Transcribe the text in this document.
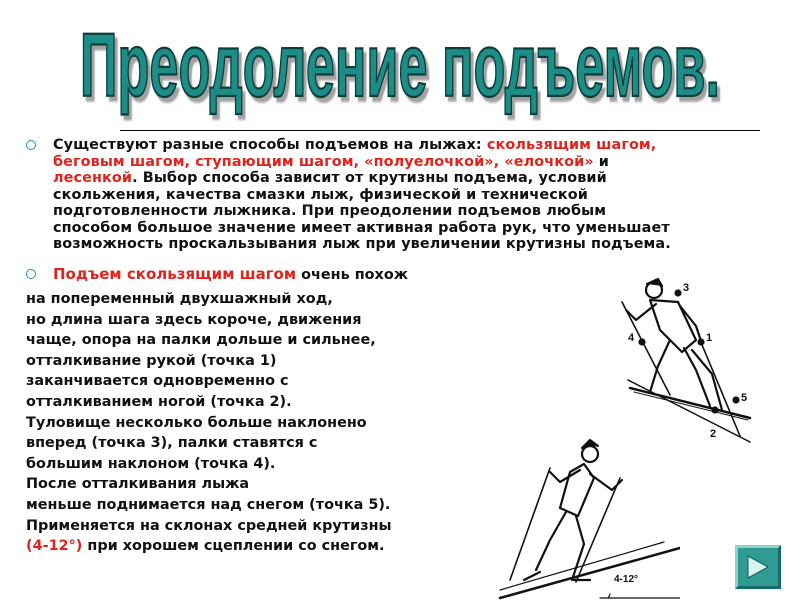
Преодоление подъемов.
Существуют разные способы подъемов на лыжах: скользящим шагом,
беговым шагом, ступающим шагом, «полуелочкой», «елочкой» и
лесенкой. Выбор способа зависит от крутизны подъема, условий
скольжения, качества смазки лыж, физической и технической
подготовленности лыжника. При преодолении подъемов любым
способом большое значение имеет активная работа рук, что уменьшает
возможность проскальзывания лыж при увеличении крутизны подъема.
Подъем скользящим шагом очень похож
на попеременный двухшажный ход,
но длина шага здесь короче, движения
чаще, опора на палки дольше и сильнее,
отталкивание рукой (точка 1)
заканчивается одновременно с
отталкиванием ногой (точка 2).
Туловище несколько больше наклонено
вперед (точка 3), палки ставятся с
большим наклоном (точка 4).
После отталкивания лыжа
меньше поднимается над снегом (точка 5).
Применяется на склонах средней крутизны
(4-12°) при хорошем сцеплении со снегом.
3
4	1
5
2
4-12°
